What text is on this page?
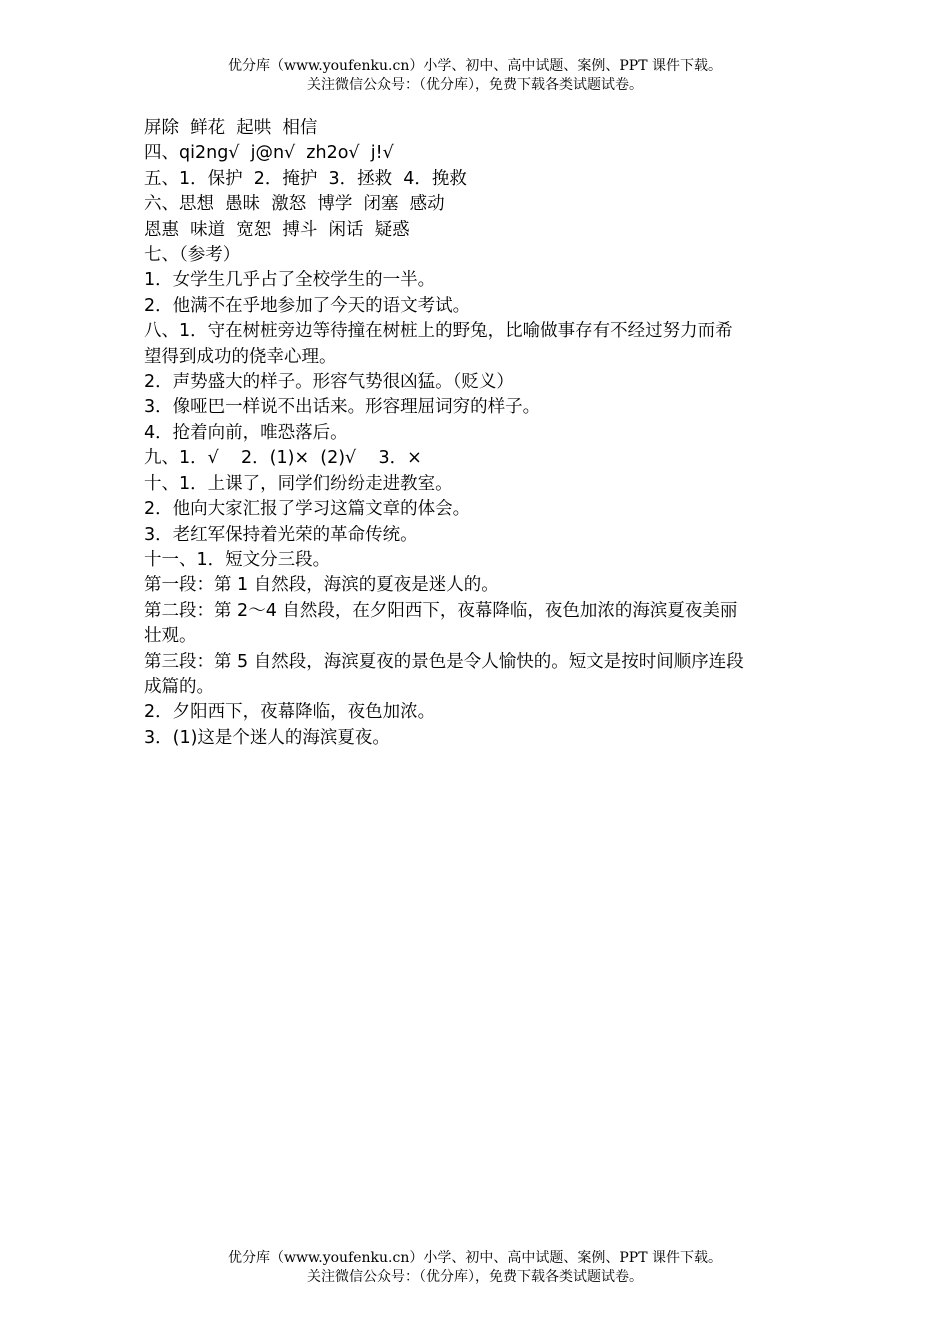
优分库（www.youfenku.cn）小学、初中、高中试题、案例、PPT 课件下载。
关注微信公众号：（优分库），免费下载各类试题试卷。
屏除  鲜花  起哄  相信
四、qi2ng√  j@n√  zh2o√  j!√
五、1．保护  2．掩护  3．拯救  4．挽救
六、思想  愚昧  激怒  博学  闭塞  感动
恩惠  味道  宽恕  搏斗  闲话  疑惑
七、（参考）
1．女学生几乎占了全校学生的一半。
2．他满不在乎地参加了今天的语文考试。
八、1．守在树桩旁边等待撞在树桩上的野兔，比喻做事存有不经过努力而希
望得到成功的侥幸心理。
2．声势盛大的样子。形容气势很凶猛。（贬义）
3．像哑巴一样说不出话来。形容理屈词穷的样子。
4．抢着向前，唯恐落后。
九、1．√    2．(1)×  (2)√    3．×
十、1．上课了，同学们纷纷走进教室。
2．他向大家汇报了学习这篇文章的体会。
3．老红军保持着光荣的革命传统。
十一、1．短文分三段。
第一段：第 1 自然段，海滨的夏夜是迷人的。
第二段：第 2～4 自然段，在夕阳西下，夜幕降临，夜色加浓的海滨夏夜美丽
壮观。
第三段：第 5 自然段，海滨夏夜的景色是令人愉快的。短文是按时间顺序连段
成篇的。
2．夕阳西下，夜幕降临，夜色加浓。
3．(1)这是个迷人的海滨夏夜。
优分库（www.youfenku.cn）小学、初中、高中试题、案例、PPT 课件下载。
关注微信公众号：（优分库），免费下载各类试题试卷。
